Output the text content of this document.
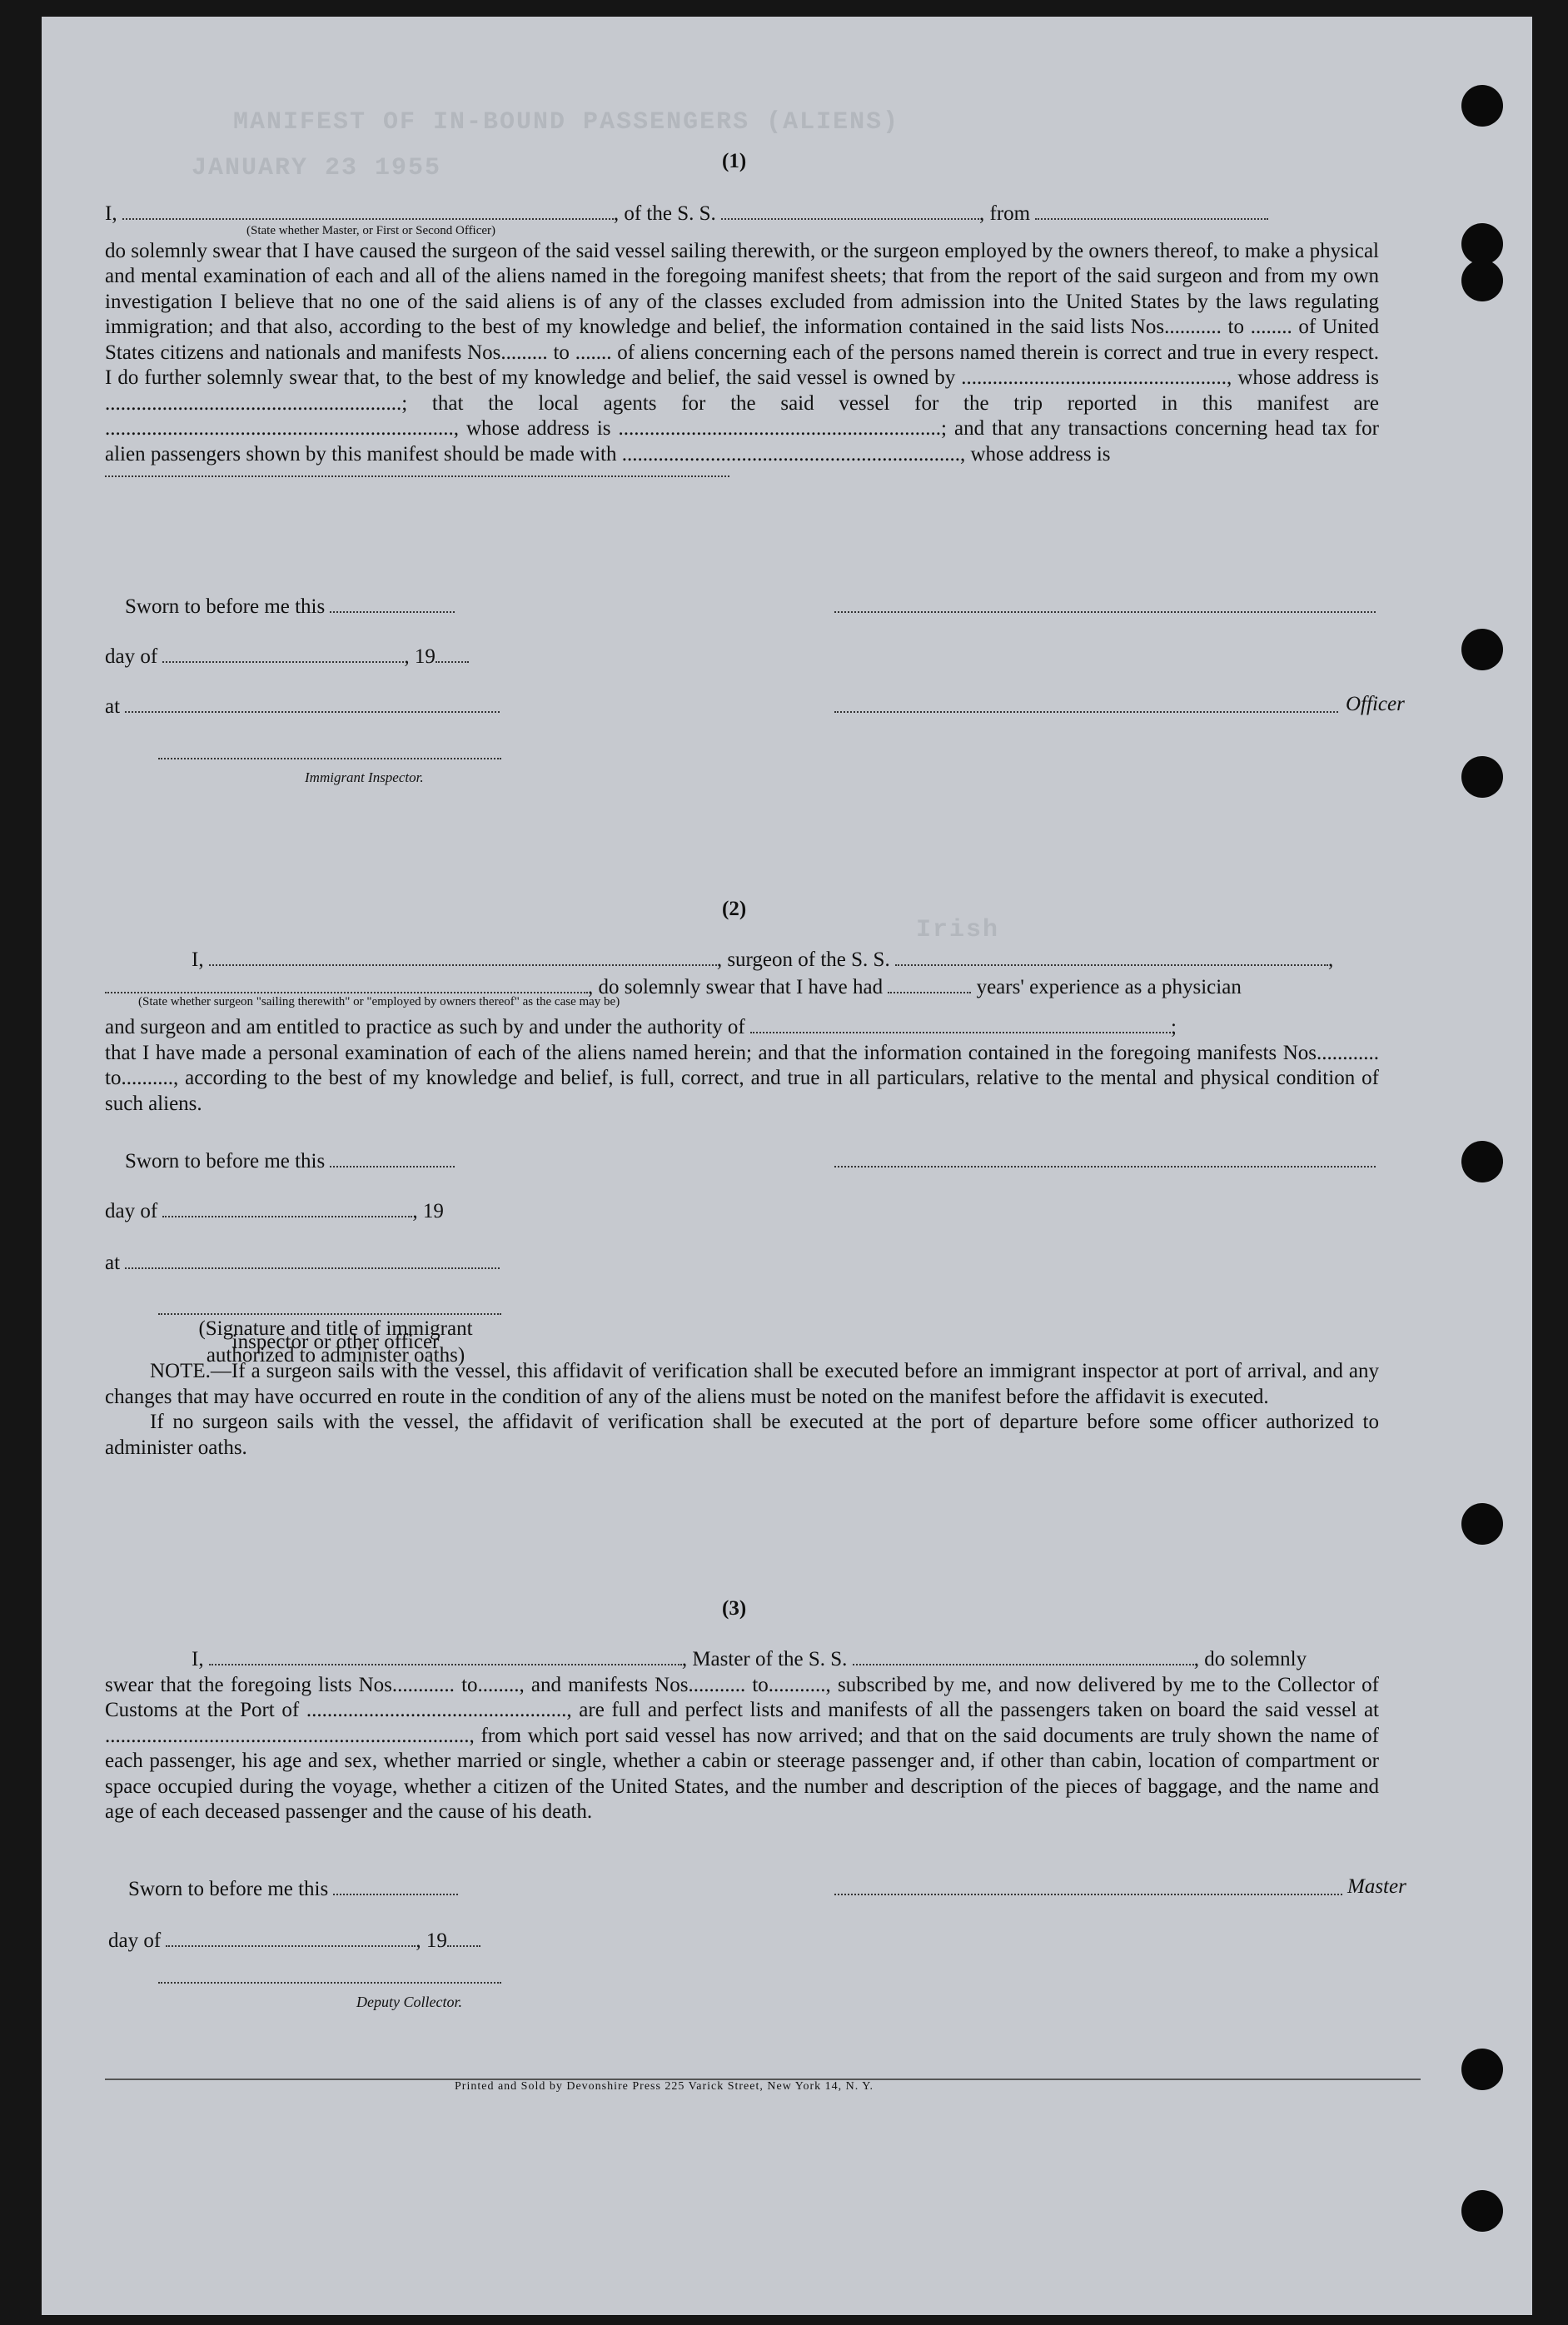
MANIFEST OF IN-BOUND PASSENGERS (ALIENS)
JANUARY 23 1955
Irish
(1)
I,	, of the S. S.	, from
(State whether Master, or First or Second Officer)

do solemnly swear that I have caused the surgeon of the said vessel sailing therewith, or the surgeon employed by the owners thereof, to make a physical and mental examination of each and all of the aliens named in the foregoing manifest sheets; that from the report of the said surgeon and from my own investigation I believe that no one of the said aliens is of any of the classes excluded from admission into the United States by the laws regulating immigration; and that also, according to the best of my knowledge and belief, the information contained in the said lists Nos........... to ........ of United States citizens and nationals and manifests Nos......... to ....... of aliens concerning each of the persons named therein is correct and true in every respect. I do further solemnly swear that, to the best of my knowledge and belief, the said vessel is owned by ..................................................., whose address is .........................................................; that the local agents for the said vessel for the trip reported in this manifest are ..................................................................., whose address is ..............................................................; and that any transactions concerning head tax for alien passengers shown by this manifest should be made with ................................................................., whose address is

Sworn to before me this
day of	, 19
at	Officer
Immigrant Inspector.
(2)
I,	, surgeon of the S. S.	,
, do solemnly swear that I have had	years' experience as a physician
(State whether surgeon "sailing therewith" or "employed by owners thereof" as the case may be)
and surgeon and am entitled to practice as such by and under the authority of	;

that I have made a personal examination of each of the aliens named herein; and that the information contained in the foregoing manifests Nos............ to.........., according to the best of my knowledge and belief, is full, correct, and true in all particulars, relative to the mental and physical condition of such aliens.

Sworn to before me this
day of	, 19
at
(Signature and title of immigrant inspector or other officer authorized to administer oaths)

NOTE.—If a surgeon sails with the vessel, this affidavit of verification shall be executed before an immigrant inspector at port of arrival, and any changes that may have occurred en route in the condition of any of the aliens must be noted on the manifest before the affidavit is executed.

If no surgeon sails with the vessel, the affidavit of verification shall be executed at the port of departure before some officer authorized to administer oaths.

(3)
I,	, Master of the S. S.	, do solemnly

swear that the foregoing lists Nos............ to........, and manifests Nos........... to..........., subscribed by me, and now delivered by me to the Collector of Customs at the Port of .................................................., are full and perfect lists and manifests of all the passengers taken on board the said vessel at ......................................................................, from which port said vessel has now arrived; and that on the said documents are truly shown the name of each passenger, his age and sex, whether married or single, whether a cabin or steerage passenger and, if other than cabin, location of compartment or space occupied during the voyage, whether a citizen of the United States, and the number and description of the pieces of baggage, and the name and age of each deceased passenger and the cause of his death.

Sworn to before me this	Master
day of	, 19
Deputy Collector.
Printed and Sold by Devonshire Press 225 Varick Street, New York 14, N. Y.
